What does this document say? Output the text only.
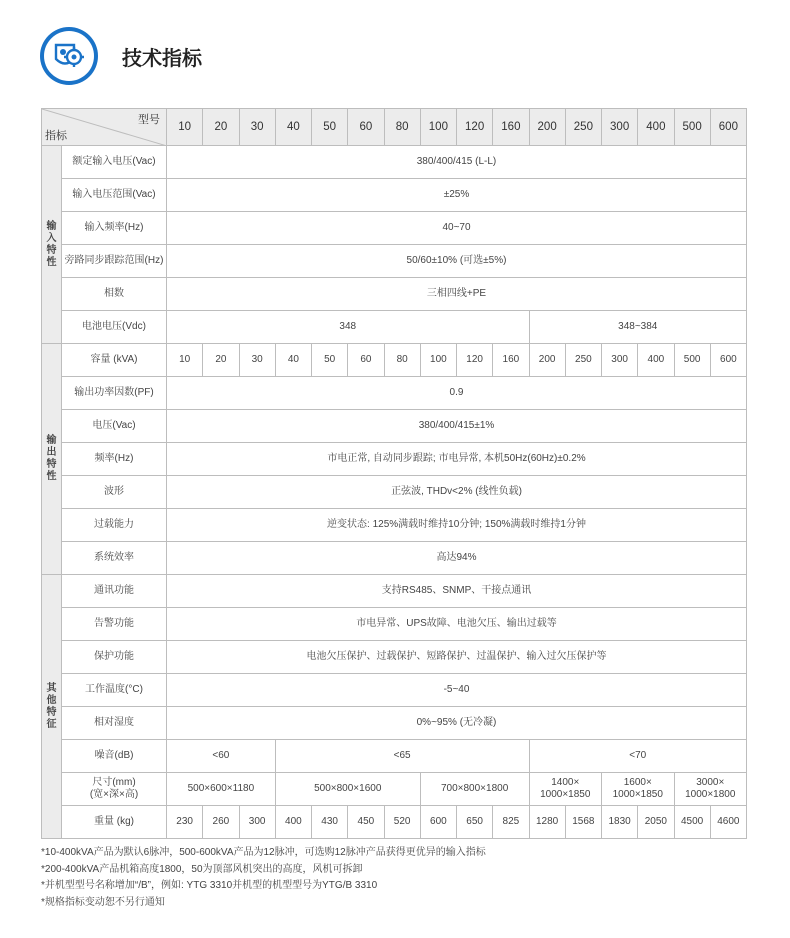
技术指标
型号
指标		10	20	30	40	50	60	80	100	120	160	200	250	300	400	500	600
输入特性	额定输入电压(Vac)	380/400/415 (L-L)															
	输入电压范围(Vac)	±25%															
	输入频率(Hz)	40~70															
	旁路同步跟踪范围(Hz)	50/60±10% (可选±5%)															
	相数	三相四线+PE															
	电池电压(Vdc)	348										348~384					
输出特性	容量 (kVA)	10	20	30	40	50	60	80	100	120	160	200	250	300	400	500	600
	输出功率因数(PF)	0.9															
	电压(Vac)	380/400/415±1%															
	频率(Hz)	市电正常, 自动同步跟踪; 市电异常, 本机50Hz(60Hz)±0.2%															
	波形	正弦波, THDv<2% (线性负载)															
	过载能力	逆变状态: 125%满载时维持10分钟; 150%满载时维持1分钟															
	系统效率	高达94%															
其他特征	通讯功能	支持RS485、SNMP、干接点通讯															
	告警功能	市电异常、UPS故障、电池欠压、输出过载等															
	保护功能	电池欠压保护、过载保护、短路保护、过温保护、输入过欠压保护等															
	工作温度(°C)	-5~40															
	相对湿度	0%~95% (无冷凝)															
	噪音(dB)	<60			<65							<70					
	尺寸(mm)
(宽×深×高)	500×600×1180			500×800×1600				700×800×1800			1400×
1000×1850		1600×
1000×1850		3000×
1000×1800	
	重量 (kg)	230	260	300	400	430	450	520	600	650	825	1280	1568	1830	2050	4500	4600
*10-400kVA产品为默认6脉冲，500-600kVA产品为12脉冲，可选购12脉冲产品获得更优异的输入指标
*200-400kVA产品机箱高度1800，50为顶部风机突出的高度，风机可拆卸
*并机型型号名称增加“/B”，例如: YTG 3310并机型的机型型号为YTG/B 3310
*规格指标变动恕不另行通知
